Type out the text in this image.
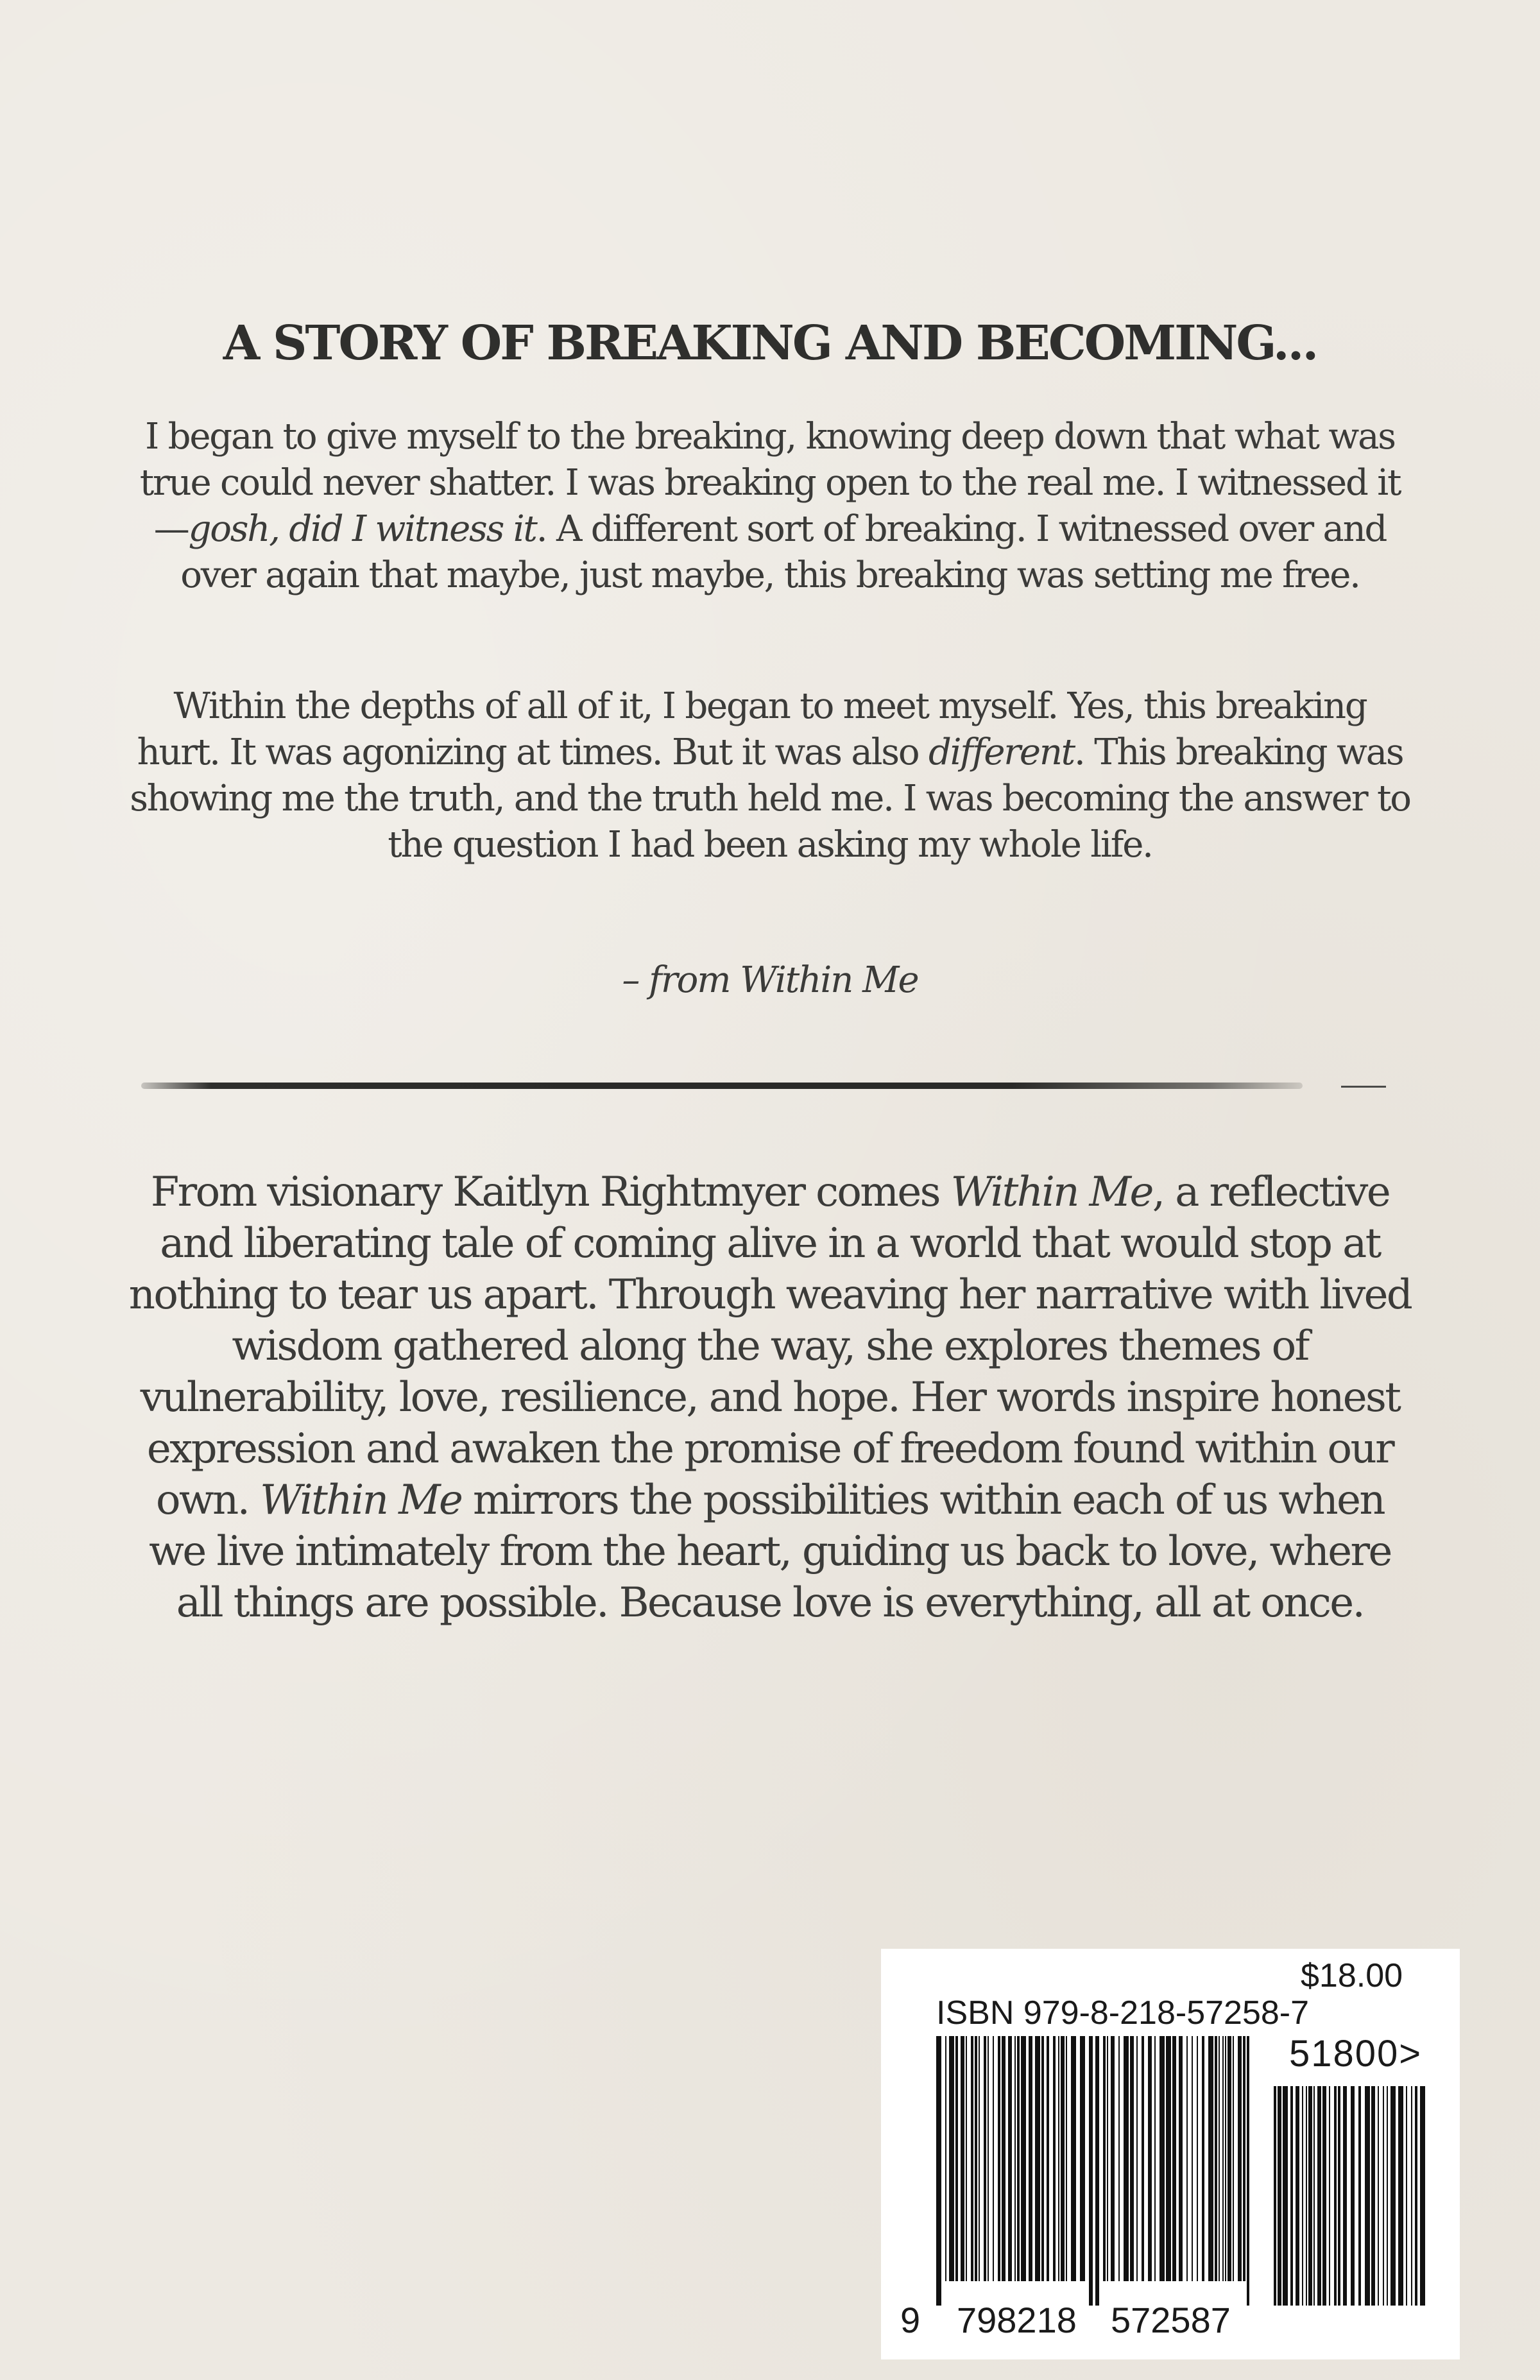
A STORY OF BREAKING AND BECOMING...

I began to give myself to the breaking, knowing deep down that what was true could never shatter. I was breaking open to the real me. I witnessed it—gosh, did I witness it. A different sort of breaking. I witnessed over and over again that maybe, just maybe, this breaking was setting me free.

Within the depths of all of it, I began to meet myself. Yes, this breaking hurt. It was agonizing at times. But it was also different. This breaking was showing me the truth, and the truth held me. I was becoming the answer to the question I had been asking my whole life.

– from Within Me

From visionary Kaitlyn Rightmyer comes Within Me, a reflective and liberating tale of coming alive in a world that would stop at nothing to tear us apart. Through weaving her narrative with lived wisdom gathered along the way, she explores themes of vulnerability, love, resilience, and hope. Her words inspire honest expression and awaken the promise of freedom found within our own. Within Me mirrors the possibilities within each of us when we live intimately from the heart, guiding us back to love, where all things are possible. Because love is everything, all at once.

$18.00

ISBN 979-8-218-57258-7

51800>

9 798218 572587
